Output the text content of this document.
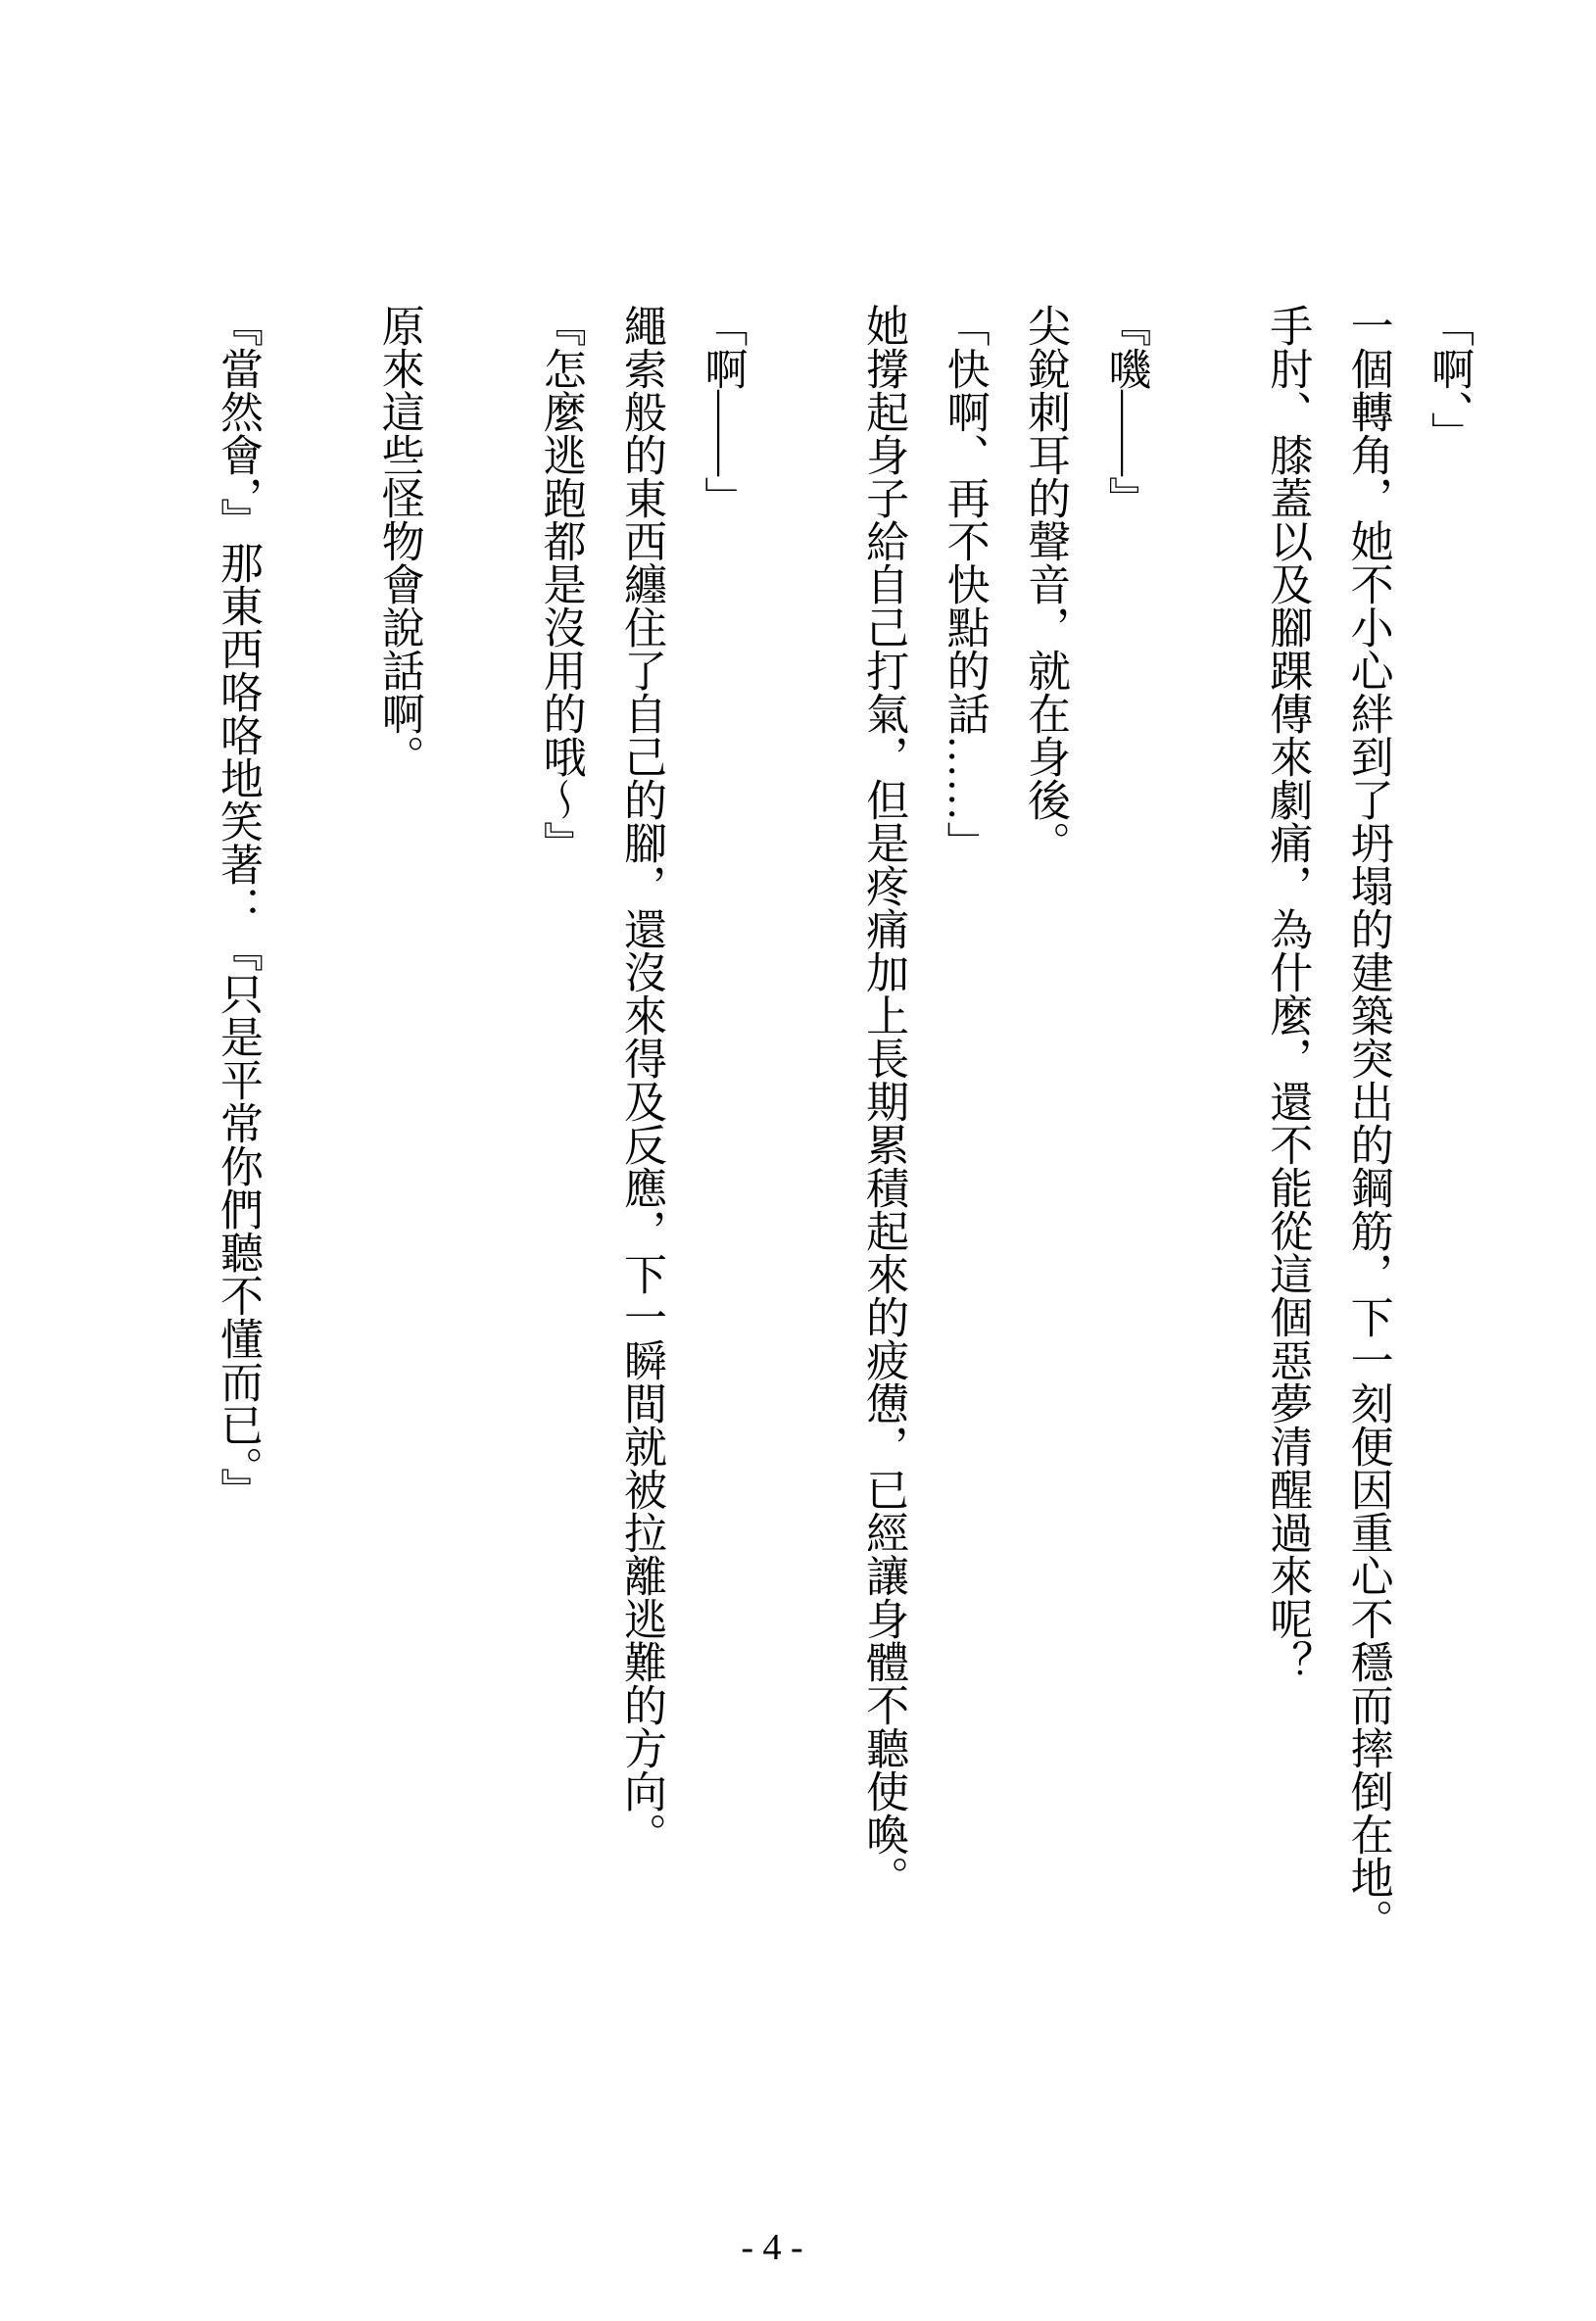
「啊、」

一個轉角，她不小心絆到了坍塌的建築突出的鋼筋，下一刻便因重心不穩而摔倒在地。

手肘、膝蓋以及腳踝傳來劇痛，為什麼，還不能從這個惡夢清醒過來呢？

『嘰——』

尖銳刺耳的聲音，就在身後。

「快啊、再不快點的話……」

她撐起身子給自己打氣，但是疼痛加上長期累積起來的疲憊，已經讓身體不聽使喚。

「啊——」

繩索般的東西纏住了自己的腳，還沒來得及反應，下一瞬間就被拉離逃難的方向。

『怎麼逃跑都是沒用的哦～』

原來這些怪物會說話啊。

『當然會，』那東西咯咯地笑著：『只是平常你們聽不懂而已。』

- 4 -
